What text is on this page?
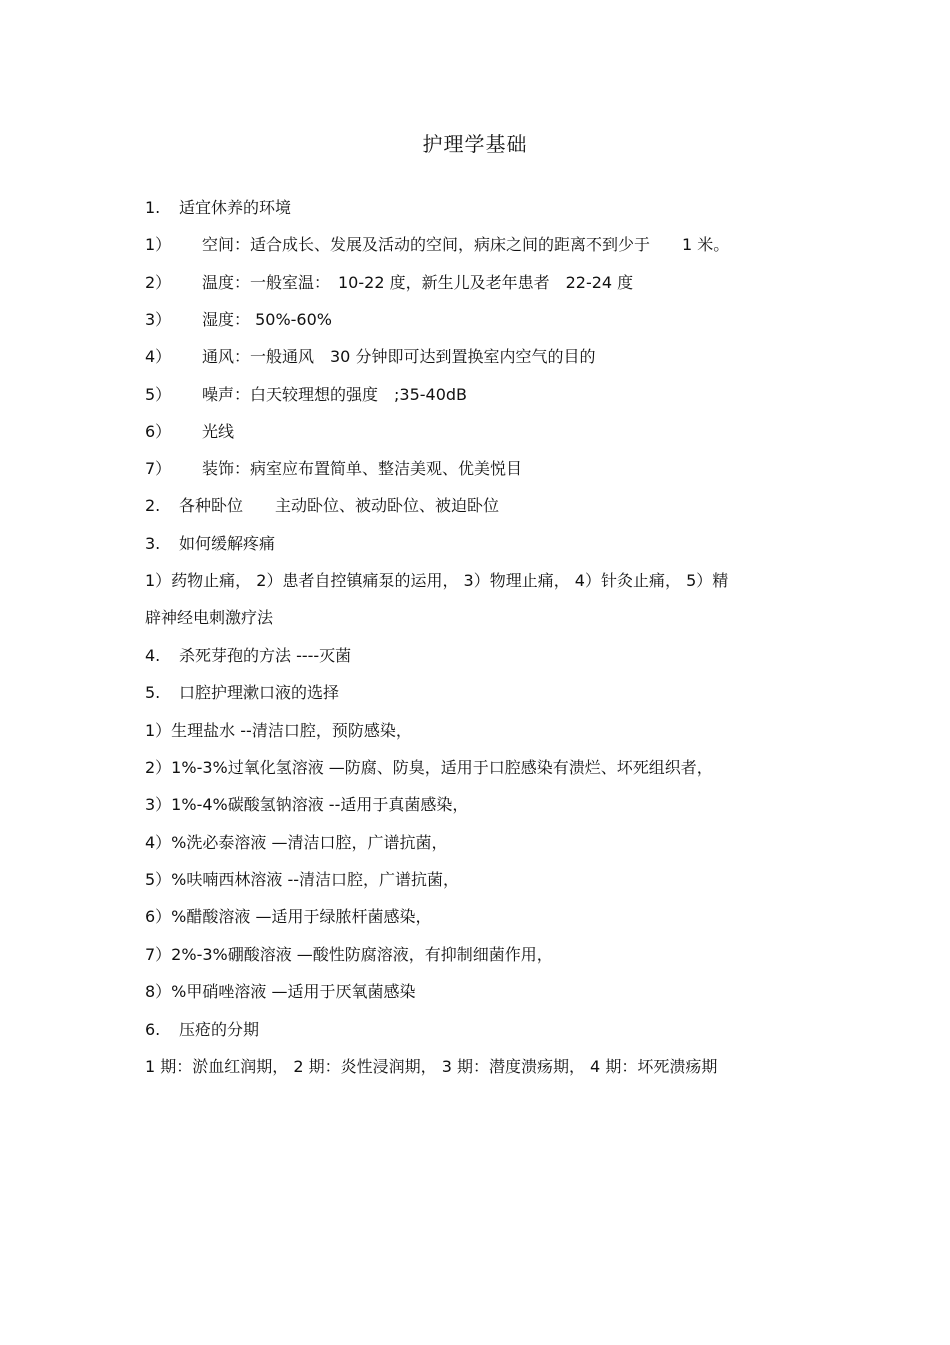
护理学基础
1. 适宜休养的环境
1） 空间：适合成长、发展及活动的空间，病床之间的距离不到少于　　1 米。
2） 温度：一般室温：　10-22 度，新生儿及老年患者　22-24 度
3） 湿度： 50%-60%
4） 通风：一般通风　30 分钟即可达到置换室内空气的目的
5） 噪声：白天较理想的强度　;35-40dB
6） 光线
7） 装饰：病室应布置简单、整洁美观、优美悦目
2. 各种卧位　　主动卧位、被动卧位、被迫卧位
3. 如何缓解疼痛
1）药物止痛， 2）患者自控镇痛泵的运用， 3）物理止痛， 4）针灸止痛， 5）精
辟神经电刺激疗法
4. 杀死芽孢的方法 ----灭菌
5. 口腔护理漱口液的选择
1）生理盐水 --清洁口腔，预防感染，
2）1%-3%过氧化氢溶液 —防腐、防臭，适用于口腔感染有溃烂、坏死组织者，
3）1%-4%碳酸氢钠溶液 --适用于真菌感染，
4）%洗必泰溶液 —清洁口腔，广谱抗菌，
5）%呋喃西林溶液 --清洁口腔，广谱抗菌，
6）%醋酸溶液 —适用于绿脓杆菌感染，
7）2%-3%硼酸溶液 —酸性防腐溶液，有抑制细菌作用，
8）%甲硝唑溶液 —适用于厌氧菌感染
6. 压疮的分期
1 期：淤血红润期， 2 期：炎性浸润期， 3 期：潜度溃疡期， 4 期：坏死溃疡期
